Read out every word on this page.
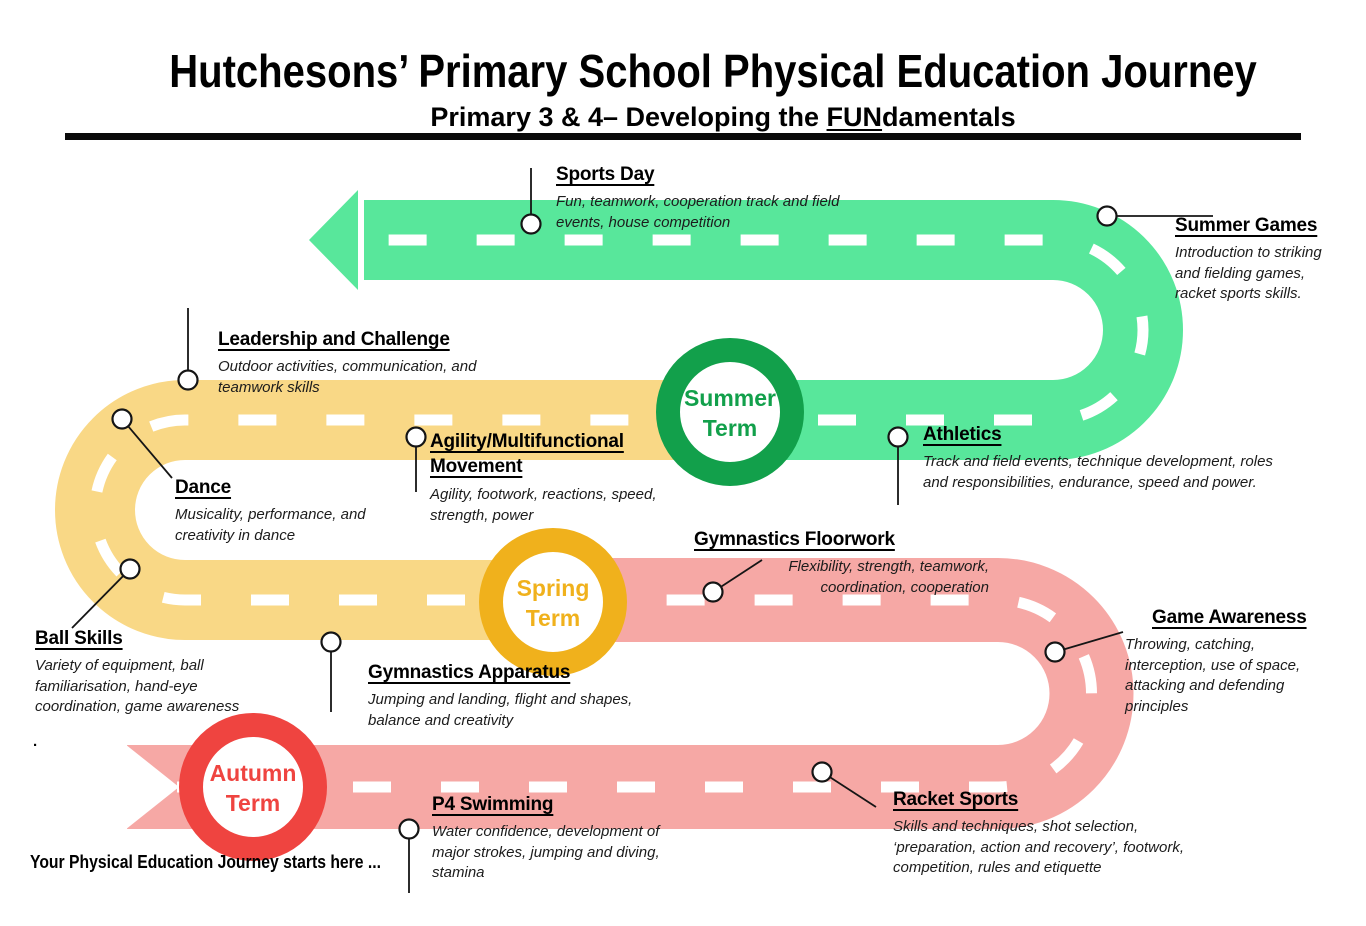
Hutchesons’ Primary School Physical Education Journey
Primary 3 & 4– Developing the FUNdamentals
Autumn
Term
Spring
Term
Summer
Term
Sports Day
Fun, teamwork, cooperation track and field events, house competition	Summer Games
Introduction to striking and fielding games, racket sports skills.
Leadership and Challenge
Outdoor activities, communication, and teamwork skills
Athletics
Track and field events, technique development, roles and responsibilities, endurance, speed and power.
Agility/Multifunctional Movement
Agility, footwork, reactions, speed, strength, power
Dance
Musicality, performance, and creativity in dance	Gymnastics Floorwork
Flexibility, strength, teamwork, coordination, cooperation
Ball Skills
Variety of equipment, ball familiarisation, hand-eye coordination, game awareness
Game Awareness
Throwing, catching, interception, use of space, attacking and defending principles
Gymnastics Apparatus
Jumping and landing, flight and shapes, balance and creativity
P4 Swimming
Water confidence, development of major strokes, jumping and diving, stamina
Racket Sports
Skills and techniques, shot selection, ‘preparation, action and recovery’, footwork, competition, rules and etiquette
Your Physical Education Journey starts here ...
.
